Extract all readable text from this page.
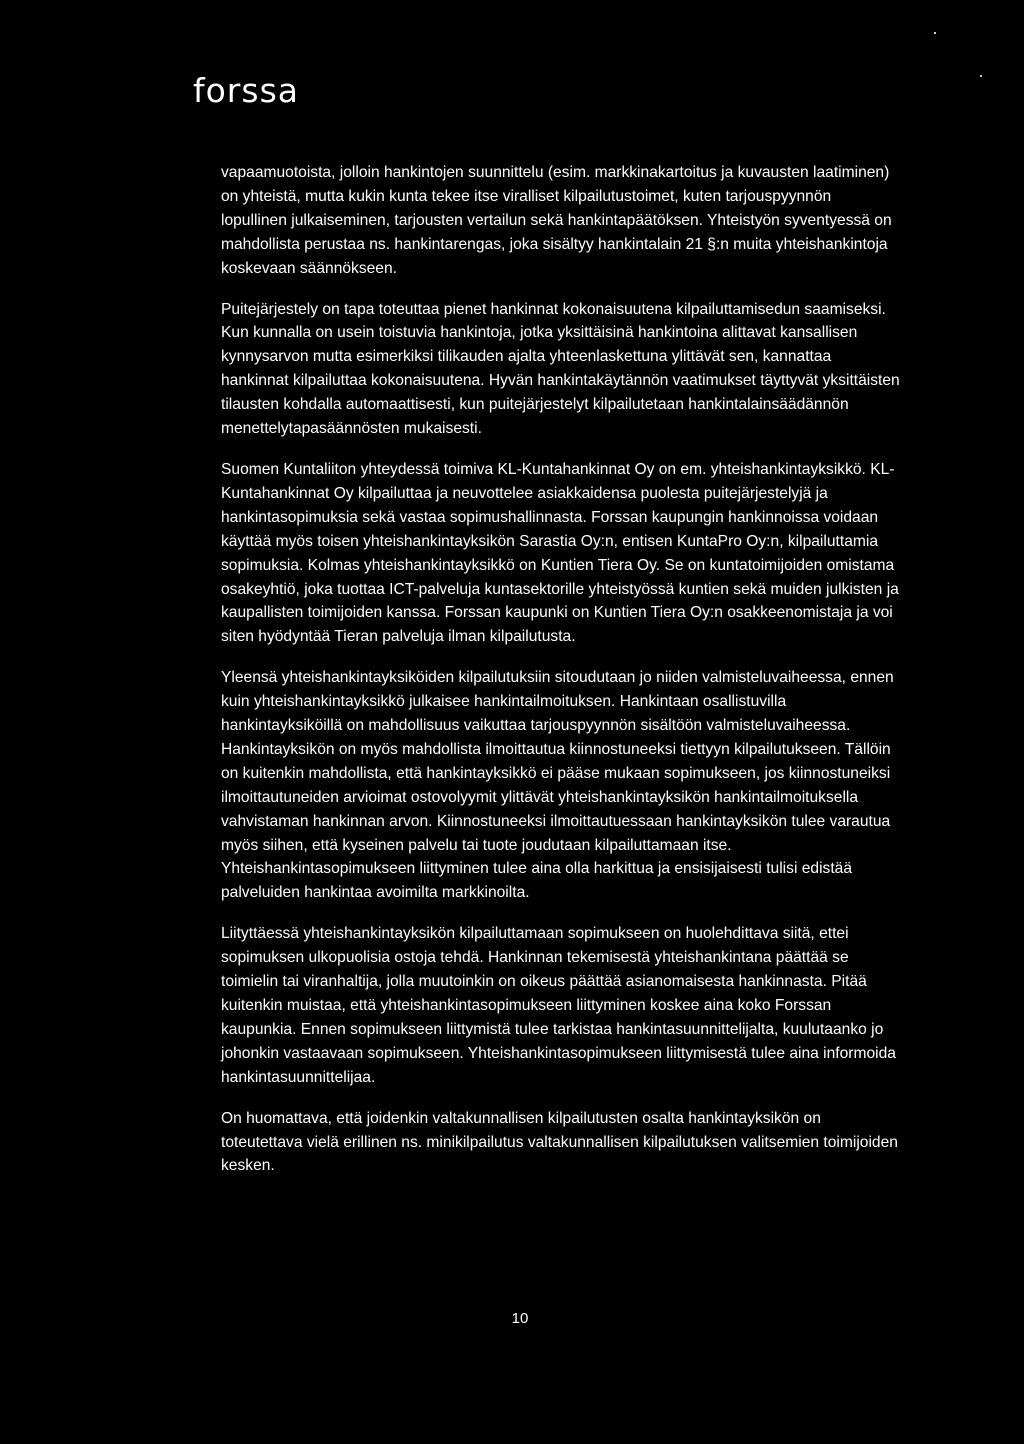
forssa

vapaamuotoista, jolloin hankintojen suunnittelu (esim. markkinakartoitus ja kuvausten laatiminen) on yhteistä, mutta kukin kunta tekee itse viralliset kilpailutustoimet, kuten tarjouspyynnön lopullinen julkaiseminen, tarjousten vertailun sekä hankintapäätöksen. Yhteistyön syventyessä on mahdollista perustaa ns. hankintarengas, joka sisältyy hankintalain 21 §:n muita yhteishankintoja koskevaan säännökseen.

Puitejärjestely on tapa toteuttaa pienet hankinnat kokonaisuutena kilpailuttamisedun saamiseksi. Kun kunnalla on usein toistuvia hankintoja, jotka yksittäisinä hankintoina alittavat kansallisen kynnysarvon mutta esimerkiksi tilikauden ajalta yhteenlaskettuna ylittävät sen, kannattaa hankinnat kilpailuttaa kokonaisuutena. Hyvän hankintakäytännön vaatimukset täyttyvät yksittäisten tilausten kohdalla automaattisesti, kun puitejärjestelyt kilpailutetaan hankintalainsäädännön menettelytapasäännösten mukaisesti.

Suomen Kuntaliiton yhteydessä toimiva KL-Kuntahankinnat Oy on em. yhteishankintayksikkö. KL-Kuntahankinnat Oy kilpailuttaa ja neuvottelee asiakkaidensa puolesta puitejärjestelyjä ja hankintasopimuksia sekä vastaa sopimushallinnasta. Forssan kaupungin hankinnoissa voidaan käyttää myös toisen yhteishankintayksikön Sarastia Oy:n, entisen KuntaPro Oy:n, kilpailuttamia sopimuksia. Kolmas yhteishankintayksikkö on Kuntien Tiera Oy. Se on kuntatoimijoiden omistama osakeyhtiö, joka tuottaa ICT-palveluja kuntasektorille yhteistyössä kuntien sekä muiden julkisten ja kaupallisten toimijoiden kanssa. Forssan kaupunki on Kuntien Tiera Oy:n osakkeenomistaja ja voi siten hyödyntää Tieran palveluja ilman kilpailutusta.

Yleensä yhteishankintayksiköiden kilpailutuksiin sitoudutaan jo niiden valmisteluvaiheessa, ennen kuin yhteishankintayksikkö julkaisee hankintailmoituksen. Hankintaan osallistuvilla hankintayksiköillä on mahdollisuus vaikuttaa tarjouspyynnön sisältöön valmisteluvaiheessa. Hankintayksikön on myös mahdollista ilmoittautua kiinnostuneeksi tiettyyn kilpailutukseen. Tällöin on kuitenkin mahdollista, että hankintayksikkö ei pääse mukaan sopimukseen, jos kiinnostuneiksi ilmoittautuneiden arvioimat ostovolyymit ylittävät yhteishankintayksikön hankintailmoituksella vahvistaman hankinnan arvon. Kiinnostuneeksi ilmoittautuessaan hankintayksikön tulee varautua myös siihen, että kyseinen palvelu tai tuote joudutaan kilpailuttamaan itse. Yhteishankintasopimukseen liittyminen tulee aina olla harkittua ja ensisijaisesti tulisi edistää palveluiden hankintaa avoimilta markkinoilta.

Liityttäessä yhteishankintayksikön kilpailuttamaan sopimukseen on huolehdittava siitä, ettei sopimuksen ulkopuolisia ostoja tehdä. Hankinnan tekemisestä yhteishankintana päättää se toimielin tai viranhaltija, jolla muutoinkin on oikeus päättää asianomaisesta hankinnasta. Pitää kuitenkin muistaa, että yhteishankintasopimukseen liittyminen koskee aina koko Forssan kaupunkia. Ennen sopimukseen liittymistä tulee tarkistaa hankintasuunnittelijalta, kuulutaanko jo johonkin vastaavaan sopimukseen. Yhteishankintasopimukseen liittymisestä tulee aina informoida hankintasuunnittelijaa.

On huomattava, että joidenkin valtakunnallisen kilpailutusten osalta hankintayksikön on toteutettava vielä erillinen ns. minikilpailutus valtakunnallisen kilpailutuksen valitsemien toimijoiden kesken.

10
